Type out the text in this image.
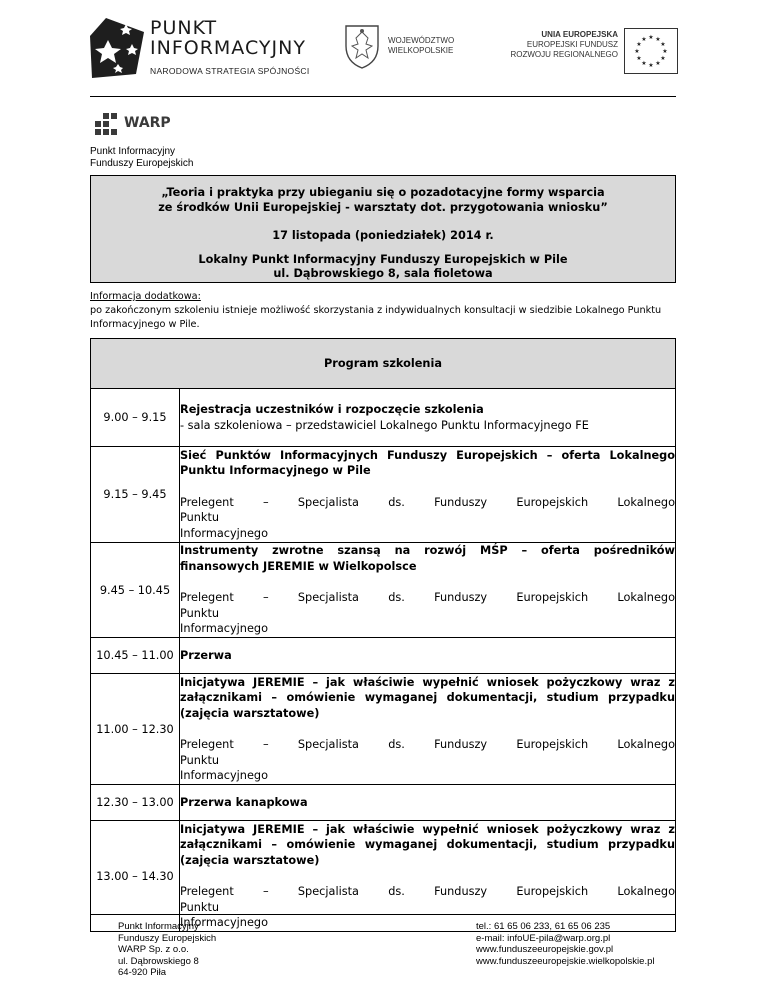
PUNKT
INFORMACYJNY
NARODOWA STRATEGIA SPÓJNOŚCI
WOJEWÓDZTWO
WIELKOPOLSKIE
UNIA EUROPEJSKA
EUROPEJSKI FUNDUSZ
ROZWOJU REGIONALNEGO
★ ★
★
★
★
★
★
★
★
★
★
★
WARP
Punkt Informacyjny
Funduszy Europejskich
„Teoria i praktyka przy ubieganiu się o pozadotacyjne formy wsparcia
ze środków Unii Europejskiej - warsztaty dot. przygotowania wniosku”
17 listopada (poniedziałek) 2014 r.
Lokalny Punkt Informacyjny Funduszy Europejskich w Pile
ul. Dąbrowskiego 8, sala fioletowa
Informacja dodatkowa:
po zakończonym szkoleniu istnieje możliwość skorzystania z indywidualnych konsultacji w siedzibie Lokalnego Punktu Informacyjnego w Pile.
Program szkolenia	
9.00 – 9.15	Rejestracja uczestników i rozpoczęcie szkolenia
- sala szkoleniowa – przedstawiciel Lokalnego Punktu Informacyjnego FE

9.15 – 9.45	Sieć Punktów Informacyjnych Funduszy Europejskich – oferta Lokalnego Punktu Informacyjnego w Pile
Prelegent – Specjalista ds. Funduszy Europejskich Lokalnego Punktu
Informacyjnego

9.45 – 10.45	Instrumenty zwrotne szansą na rozwój MŚP – oferta pośredników finansowych JEREMIE w Wielkopolsce
Prelegent – Specjalista ds. Funduszy Europejskich Lokalnego Punktu
Informacyjnego

10.45 – 11.00	Przerwa

11.00 – 12.30	Inicjatywa JEREMIE – jak właściwie wypełnić wniosek pożyczkowy wraz z załącznikami – omówienie wymaganej dokumentacji, studium przypadku (zajęcia warsztatowe)
Prelegent – Specjalista ds. Funduszy Europejskich Lokalnego Punktu
Informacyjnego

12.30 – 13.00	Przerwa kanapkowa

13.00 – 14.30	Inicjatywa JEREMIE – jak właściwie wypełnić wniosek pożyczkowy wraz z załącznikami – omówienie wymaganej dokumentacji, studium przypadku (zajęcia warsztatowe)
Prelegent – Specjalista ds. Funduszy Europejskich Lokalnego Punktu
Informacyjnego
Punkt Informacyjny
Funduszy Europejskich
WARP Sp. z o.o.
ul. Dąbrowskiego 8
64-920 Piła
tel.: 61 65 06 233, 61 65 06 235
e-mail: infoUE-pila@warp.org.pl
www.funduszeeuropejskie.gov.pl
www.funduszeeuropejskie.wielkopolskie.pl
